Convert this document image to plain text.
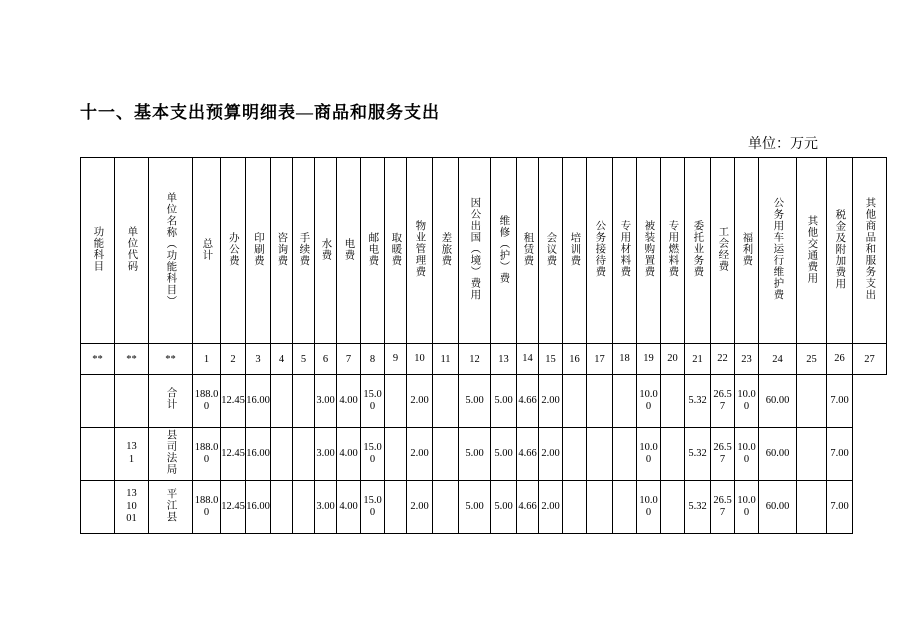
十一、基本支出预算明细表—商品和服务支出
单位：万元
功能科目	单位代码	单位名称（功能科目）	总计	办公费	印刷费	咨询费	手续费	水费	电费	邮电费	取暖费	物业管理费	差旅费	因公出国（境）费用	维修（护）费	租赁费	会议费	培训费	公务接待费	专用材料费	被装购置费	专用燃料费	委托业务费	工会经费	福利费	公务用车运行维护费	其他交通费用	税金及附加费用	其他商品和服务支出
**	**	**	1	2	3	4	5	6	7	8	9	10	11	12	13	14	15	16	17	18	19	20	21	22	23	24	25	26	27
		合计	188.00	12.45	16.00			3.00	4.00	15.00		2.00		5.00	5.00	4.66	2.00				10.00		5.32	26.57	10.00	60.00		7.00	
	131	县司法局	188.00	12.45	16.00			3.00	4.00	15.00		2.00		5.00	5.00	4.66	2.00				10.00		5.32	26.57	10.00	60.00		7.00	
	131001	平江县	188.00	12.45	16.00			3.00	4.00	15.00		2.00		5.00	5.00	4.66	2.00				10.00		5.32	26.57	10.00	60.00		7.00	
